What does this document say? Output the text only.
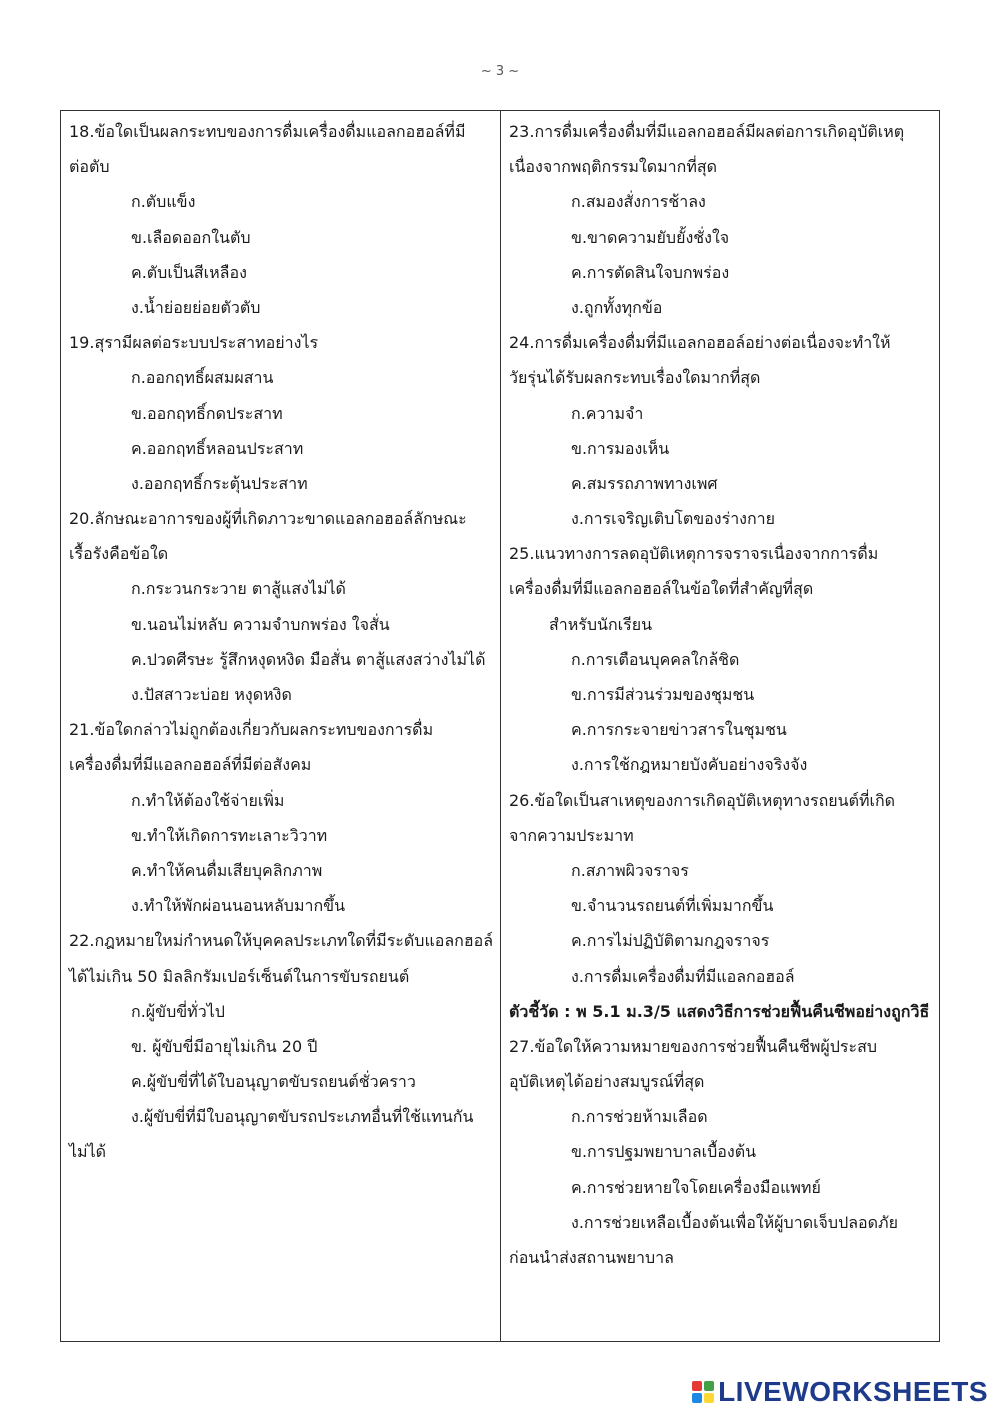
~ 3 ~
18.ข้อใดเป็นผลกระทบของการดื่มเครื่องดื่มแอลกอฮอล์ที่มี
ต่อตับ
ก.ตับแข็ง
ข.เลือดออกในตับ
ค.ตับเป็นสีเหลือง
ง.น้ำย่อยย่อยตัวตับ
19.สุรามีผลต่อระบบประสาทอย่างไร
ก.ออกฤทธิ์ผสมผสาน
ข.ออกฤทธิ์กดประสาท
ค.ออกฤทธิ์หลอนประสาท
ง.ออกฤทธิ์กระตุ้นประสาท
20.ลักษณะอาการของผู้ที่เกิดภาวะขาดแอลกอฮอล์ลักษณะ
เรื้อรังคือข้อใด
ก.กระวนกระวาย ตาสู้แสงไม่ได้
ข.นอนไม่หลับ ความจำบกพร่อง ใจสั่น
ค.ปวดศีรษะ รู้สึกหงุดหงิด มือสั่น ตาสู้แสงสว่างไม่ได้
ง.ปัสสาวะบ่อย หงุดหงิด
21.ข้อใดกล่าวไม่ถูกต้องเกี่ยวกับผลกระทบของการดื่ม
เครื่องดื่มที่มีแอลกอฮอล์ที่มีต่อสังคม
ก.ทำให้ต้องใช้จ่ายเพิ่ม
ข.ทำให้เกิดการทะเลาะวิวาท
ค.ทำให้คนดื่มเสียบุคลิกภาพ
ง.ทำให้พักผ่อนนอนหลับมากขึ้น
22.กฎหมายใหม่กำหนดให้บุคคลประเภทใดที่มีระดับแอลกฮอล์
ได้ไม่เกิน 50 มิลลิกรัมเปอร์เซ็นต์ในการขับรถยนต์
ก.ผู้ขับขี่ทั่วไป
ข. ผู้ขับขี่มีอายุไม่เกิน 20 ปี
ค.ผู้ขับขี่ที่ได้ใบอนุญาตขับรถยนต์ชั่วคราว
ง.ผู้ขับขี่ที่มีใบอนุญาตขับรถประเภทอื่นที่ใช้แทนกัน
ไม่ได้
23.การดื่มเครื่องดื่มที่มีแอลกอฮอล์มีผลต่อการเกิดอุบัติเหตุ
เนื่องจากพฤติกรรมใดมากที่สุด
ก.สมองสั่งการช้าลง
ข.ขาดความยับยั้งชั่งใจ
ค.การตัดสินใจบกพร่อง
ง.ถูกทั้งทุกข้อ
24.การดื่มเครื่องดื่มที่มีแอลกอฮอล์อย่างต่อเนื่องจะทำให้
วัยรุ่นได้รับผลกระทบเรื่องใดมากที่สุด
ก.ความจำ
ข.การมองเห็น
ค.สมรรถภาพทางเพศ
ง.การเจริญเติบโตของร่างกาย
25.แนวทางการลดอุบัติเหตุการจราจรเนื่องจากการดื่ม
เครื่องดื่มที่มีแอลกอฮอล์ในข้อใดที่สำคัญที่สุด
สำหรับนักเรียน
ก.การเตือนบุคคลใกล้ชิด
ข.การมีส่วนร่วมของชุมชน
ค.การกระจายข่าวสารในชุมชน
ง.การใช้กฎหมายบังคับอย่างจริงจัง
26.ข้อใดเป็นสาเหตุของการเกิดอุบัติเหตุทางรถยนต์ที่เกิด
จากความประมาท
ก.สภาพผิวจราจร
ข.จำนวนรถยนต์ที่เพิ่มมากขึ้น
ค.การไม่ปฏิบัติตามกฎจราจร
ง.การดื่มเครื่องดื่มที่มีแอลกอฮอล์
ตัวชี้วัด : พ 5.1 ม.3/5 แสดงวิธีการช่วยฟื้นคืนชีพอย่างถูกวิธี
27.ข้อใดให้ความหมายของการช่วยฟื้นคืนชีพผู้ประสบ
อุบัติเหตุได้อย่างสมบูรณ์ที่สุด
ก.การช่วยห้ามเลือด
ข.การปฐมพยาบาลเบื้องต้น
ค.การช่วยหายใจโดยเครื่องมือแพทย์
ง.การช่วยเหลือเบื้องต้นเพื่อให้ผู้บาดเจ็บปลอดภัย
ก่อนนำส่งสถานพยาบาล
LIVEWORKSHEETS
